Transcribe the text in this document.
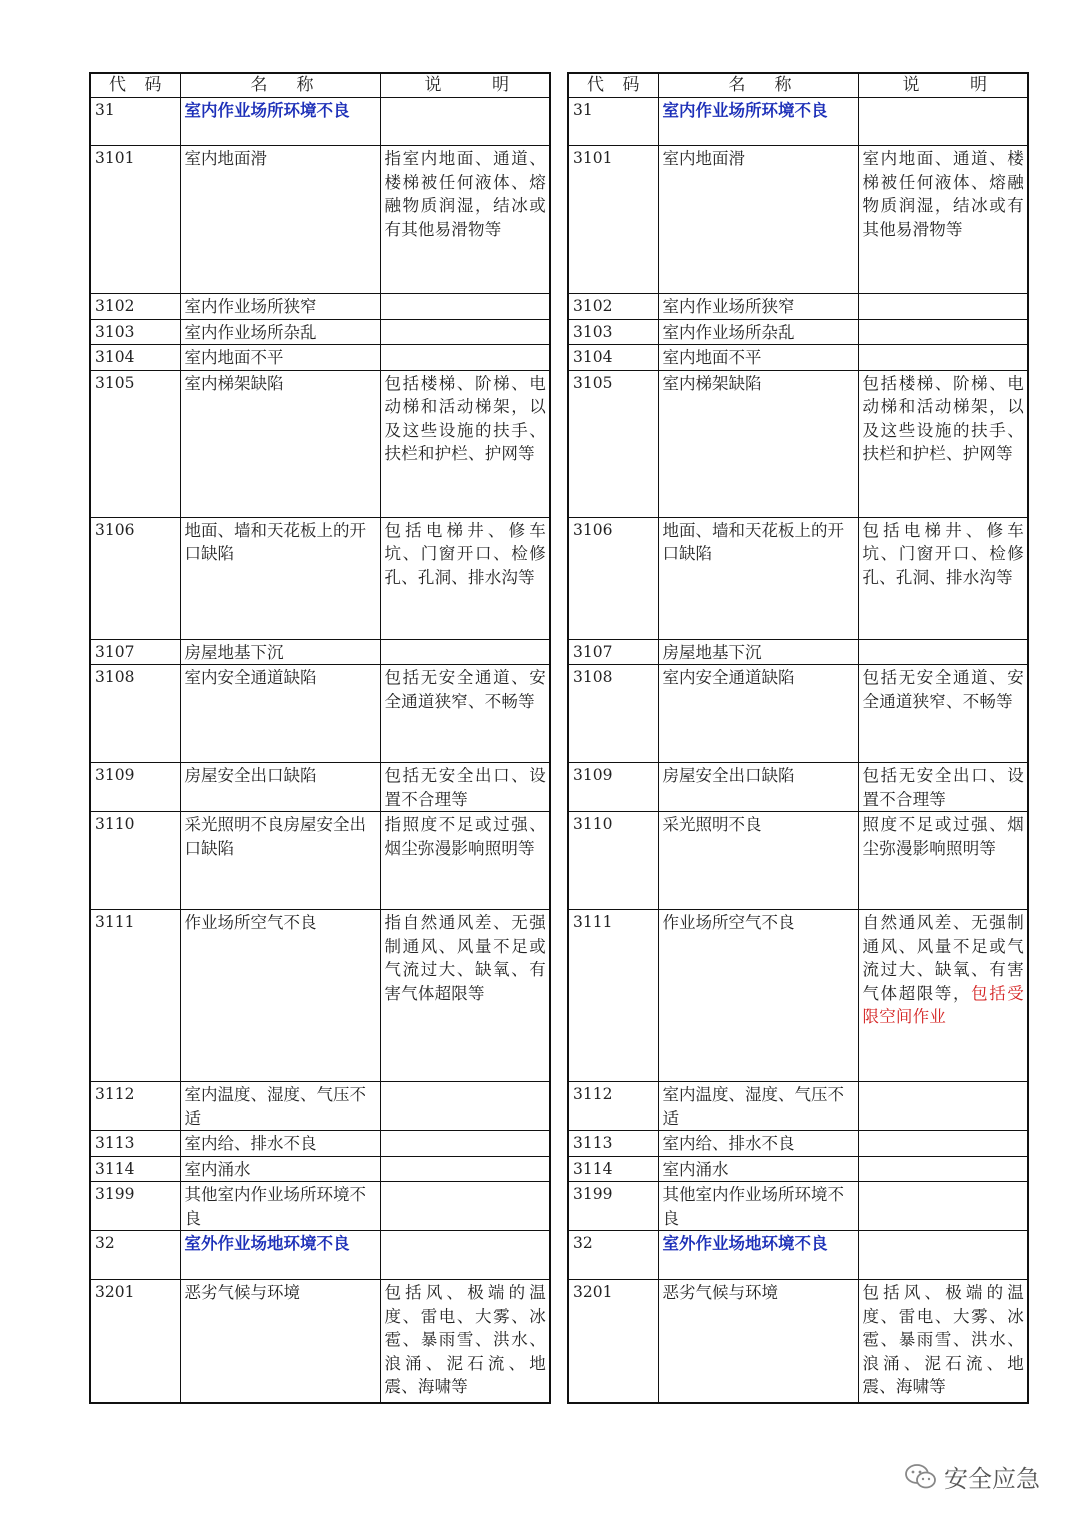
代 码	名 称	说 明

31	室内作业场所环境不良	
3101	室内地面滑	指室内地面、通道、楼梯被任何液体、熔融物质润湿，结冰或有其他易滑物等
3102	室内作业场所狭窄	
3103	室内作业场所杂乱	
3104	室内地面不平	
3105	室内梯架缺陷	包括楼梯、阶梯、电动梯和活动梯架，以及这些设施的扶手、扶栏和护栏、护网等
3106	地面、墙和天花板上的开口缺陷	包括电梯井、修车坑、门窗开口、检修孔、孔洞、排水沟等
3107	房屋地基下沉	
3108	室内安全通道缺陷	包括无安全通道、安全通道狭窄、不畅等
3109	房屋安全出口缺陷	包括无安全出口、设置不合理等
3110	采光照明不良房屋安全出口缺陷	指照度不足或过强、烟尘弥漫影响照明等
3111	作业场所空气不良	指自然通风差、无强制通风、风量不足或气流过大、缺氧、有害气体超限等
3112	室内温度、湿度、气压不适	
3113	室内给、排水不良	
3114	室内涌水	
3199	其他室内作业场所环境不良	
32	室外作业场地环境不良	
3201	恶劣气候与环境	包括风、极端的温度、雷电、大雾、冰雹、暴雨雪、洪水、浪涌、泥石流、地震、海啸等
代 码	名 称	说 明

31	室内作业场所环境不良	
3101	室内地面滑	室内地面、通道、楼梯被任何液体、熔融物质润湿，结冰或有其他易滑物等
3102	室内作业场所狭窄	
3103	室内作业场所杂乱	
3104	室内地面不平	
3105	室内梯架缺陷	包括楼梯、阶梯、电动梯和活动梯架，以及这些设施的扶手、扶栏和护栏、护网等
3106	地面、墙和天花板上的开口缺陷	包括电梯井、修车坑、门窗开口、检修孔、孔洞、排水沟等
3107	房屋地基下沉	
3108	室内安全通道缺陷	包括无安全通道、安全通道狭窄、不畅等
3109	房屋安全出口缺陷	包括无安全出口、设置不合理等
3110	采光照明不良	照度不足或过强、烟尘弥漫影响照明等
3111	作业场所空气不良	自然通风差、无强制通风、风量不足或气流过大、缺氧、有害气体超限等，包括受限空间作业
3112	室内温度、湿度、气压不适	
3113	室内给、排水不良	
3114	室内涌水	
3199	其他室内作业场所环境不良	
32	室外作业场地环境不良	
3201	恶劣气候与环境	包括风、极端的温度、雷电、大雾、冰雹、暴雨雪、洪水、浪涌、泥石流、地震、海啸等
安全应急
